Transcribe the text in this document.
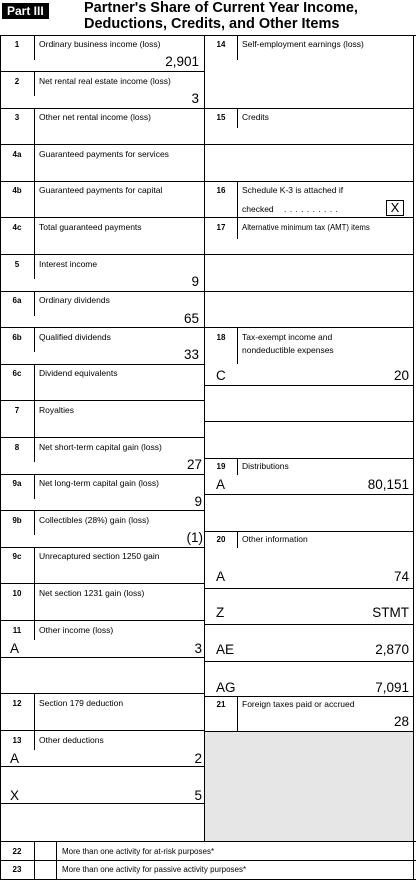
Part III	Partner's Share of Current Year Income,
Deductions, Credits, and Other Items
1	Ordinary business income (loss)
2,901
2	Net rental real estate income (loss)
3
3	Other net rental income (loss)
4a	Guaranteed payments for services
4b	Guaranteed payments for capital
4c	Total guaranteed payments
5	Interest income
9
6a	Ordinary dividends
65
6b	Qualified dividends
33
6c	Dividend equivalents
7	Royalties
8	Net short-term capital gain (loss)
27
9a	Net long-term capital gain (loss)
9
9b	Collectibles (28%) gain (loss)
(1)
9c	Unrecaptured section 1250 gain
10	Net section 1231 gain (loss)
11	Other income (loss)
A	3
12	Section 179 deduction
13	Other deductions
A	2
X	5
14	Self-employment earnings (loss)
15	Credits
16	Schedule K-3 is attached if
checked . . . . . . . . . .	X
17	Alternative minimum tax (AMT) items
18	Tax-exempt income and
nondeductible expenses
C	20
19	Distributions
A	80,151
20	Other information
A	74
Z	STMT
AE	2,870
AG	7,091
21	Foreign taxes paid or accrued
28
22	More than one activity for at-risk purposes*
23	More than one activity for passive activity purposes*
